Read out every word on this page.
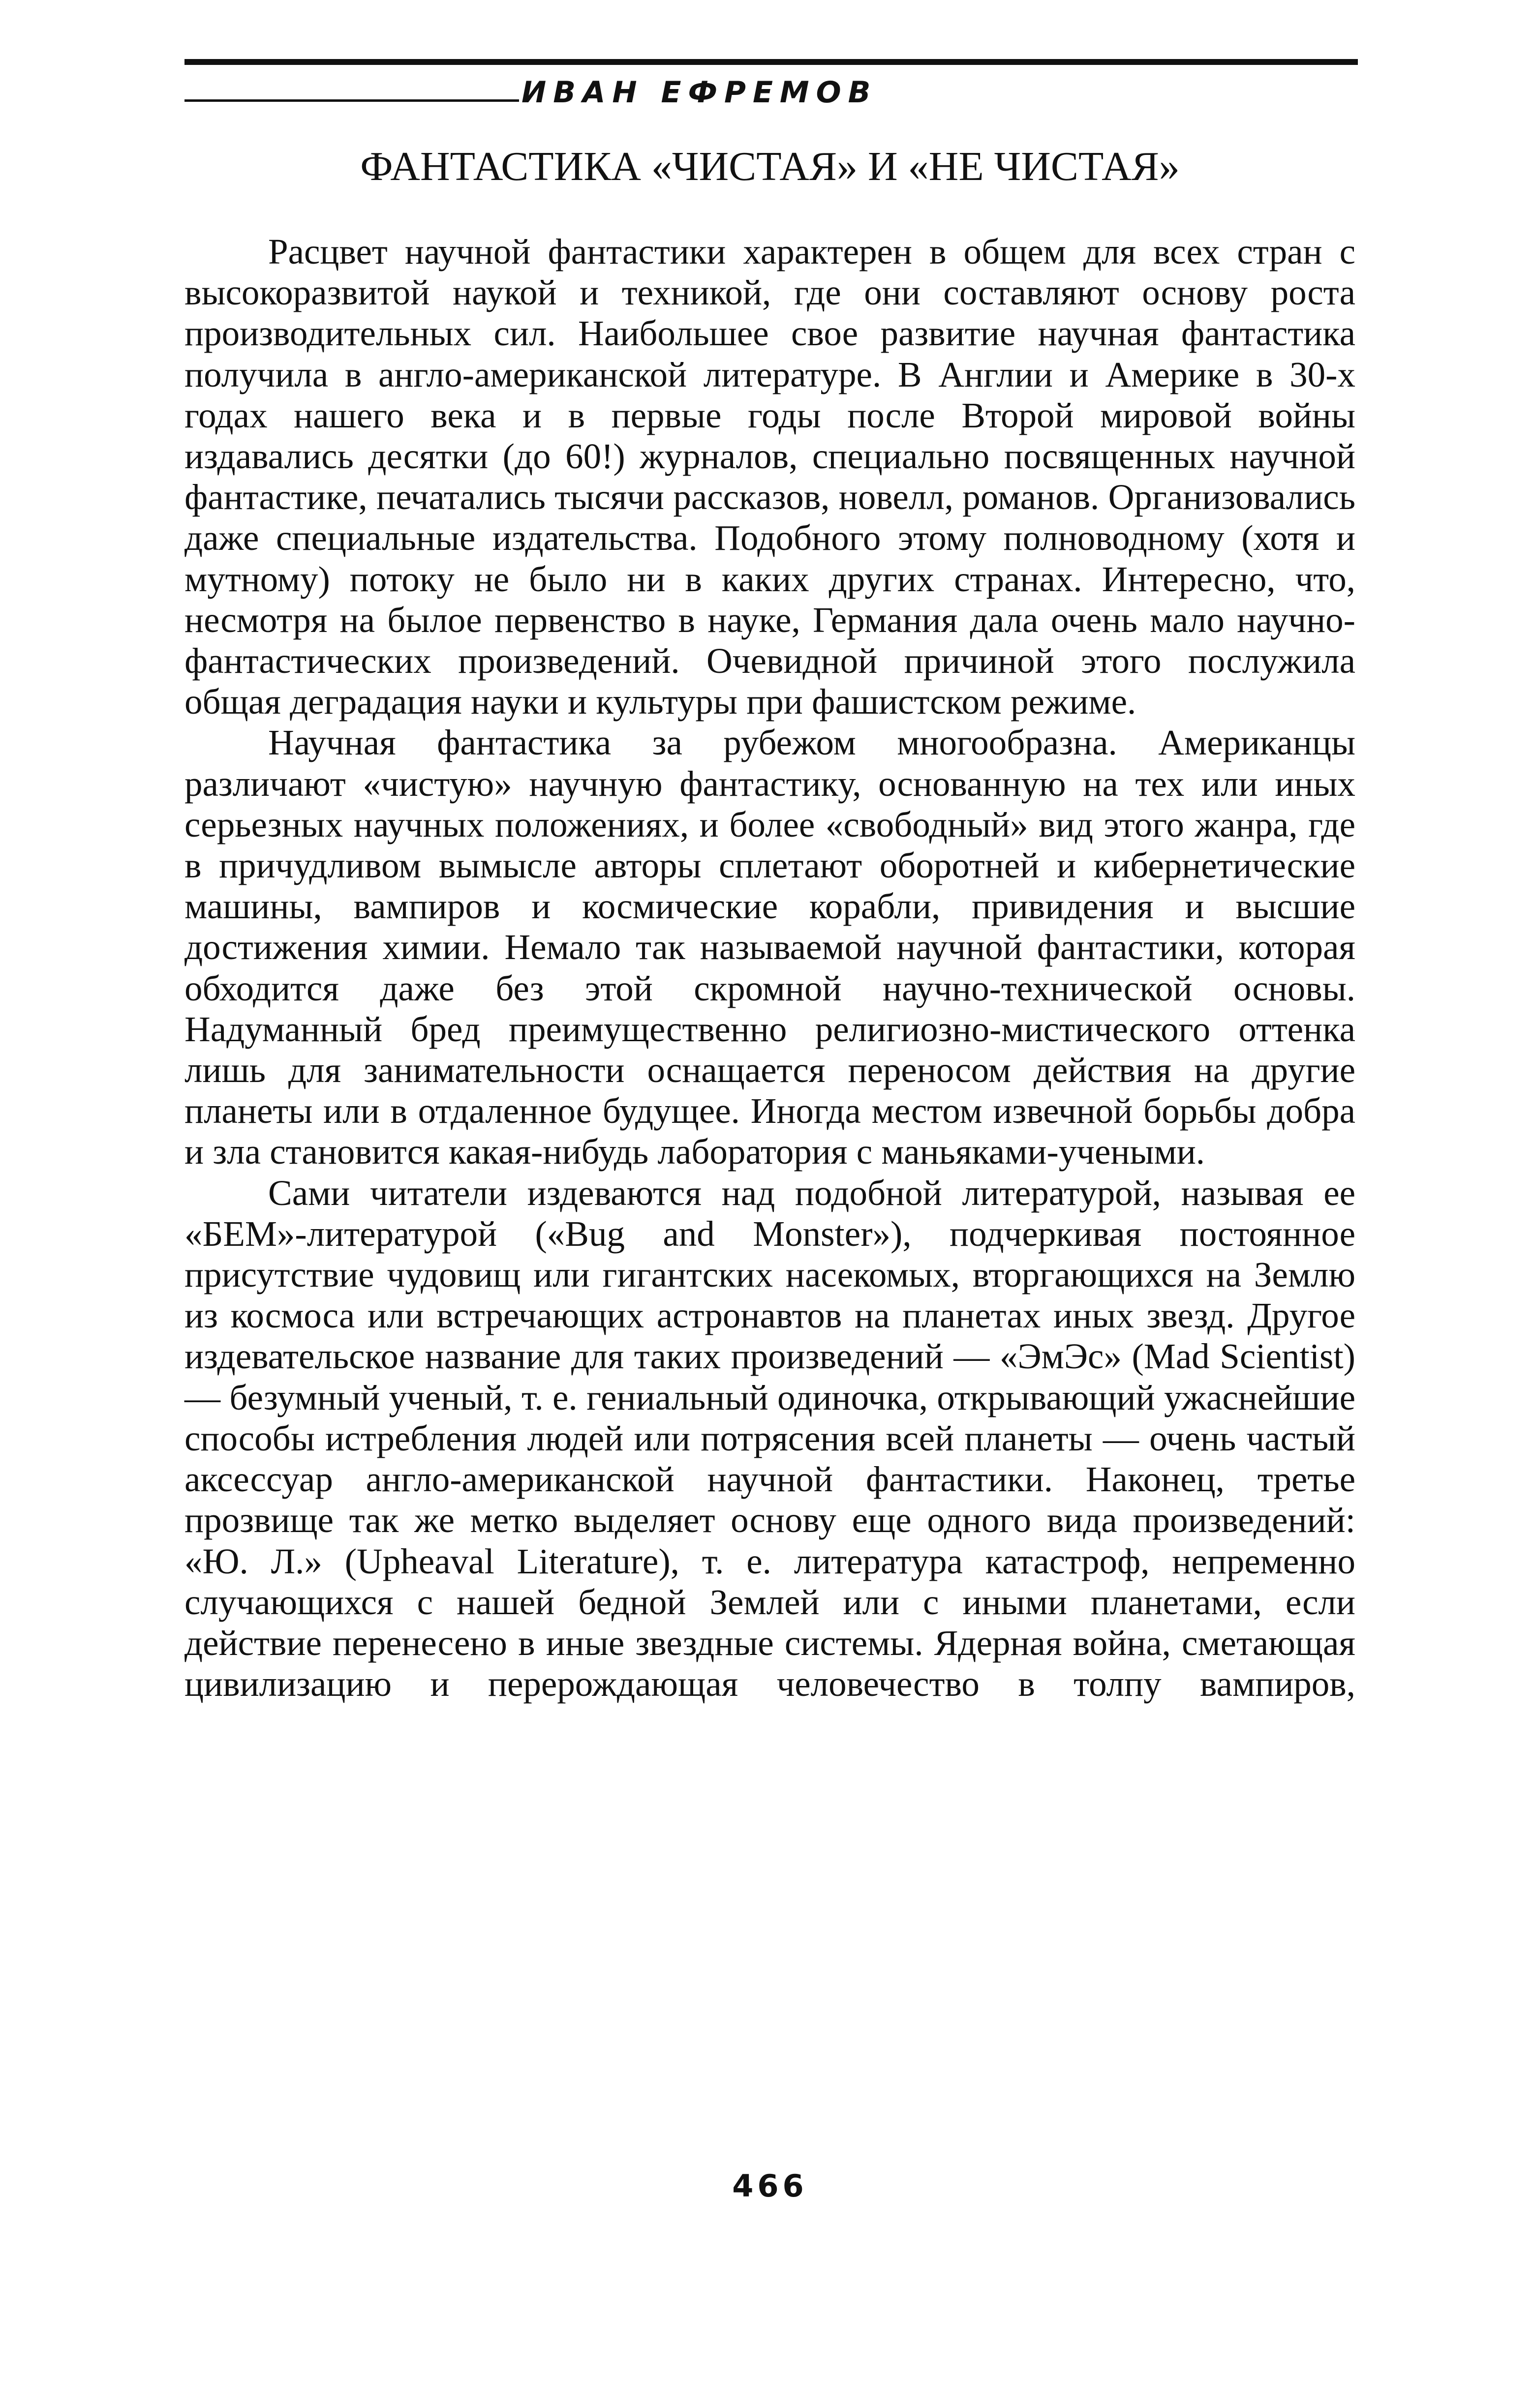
ИВАН ЕФРЕМОВ
ФАНТАСТИКА «ЧИСТАЯ» И «НЕ ЧИСТАЯ»

Расцвет научной фантастики характерен в общем для всех стран с высокоразвитой наукой и техникой, где они составляют основу роста производительных сил. Наибольшее свое развитие научная фантастика получила в англо-американской литературе. В Англии и Америке в 30-х годах нашего века и в первые годы после Второй мировой войны издавались десятки (до 60!) журналов, специально посвященных научной фантастике, печатались тысячи рассказов, новелл, романов. Организовались даже специальные издательства. Подобного этому полноводному (хотя и мутному) потоку не было ни в каких других странах. Интересно, что, несмотря на былое первенство в науке, Германия дала очень мало научно-фантастических произведений. Очевидной причиной этого послужила общая деградация науки и культуры при фашистском режиме.

Научная фантастика за рубежом многообразна. Американцы различают «чистую» научную фантастику, основанную на тех или иных серьезных научных положениях, и более «свободный» вид этого жанра, где в причудливом вымысле авторы сплетают оборотней и кибернетические машины, вампиров и космические корабли, привидения и высшие достижения химии. Немало так называемой научной фантастики, которая обходится даже без этой скромной научно-технической основы. Надуманный бред преимущественно религиозно-мистического оттенка лишь для занимательности оснащается переносом действия на другие планеты или в отдаленное будущее. Иногда местом извечной борьбы добра и зла становится какая-нибудь лаборатория с маньяками-учеными.

Сами читатели издеваются над подобной литературой, называя ее «БЕМ»-литературой («Bug and Monster»), подчеркивая постоянное присутствие чудовищ или гигантских насекомых, вторгающихся на Землю из космоса или встречающих астронавтов на планетах иных звезд. Другое издевательское название для таких произведений — «ЭмЭс» (Mad Scientist) — безумный ученый, т. е. гениальный одиночка, открывающий ужаснейшие способы истребления людей или потрясения всей планеты — очень частый аксессуар англо-американской научной фантастики. Наконец, третье прозвище так же метко выделяет основу еще одного вида произведений: «Ю. Л.» (Upheaval Literature), т. е. литература катастроф, непременно случающихся с нашей бедной Землей или с иными планетами, если действие перенесено в иные звездные системы. Ядерная война, сметающая цивилизацию и перерождающая человечество в толпу вампиров,

466
